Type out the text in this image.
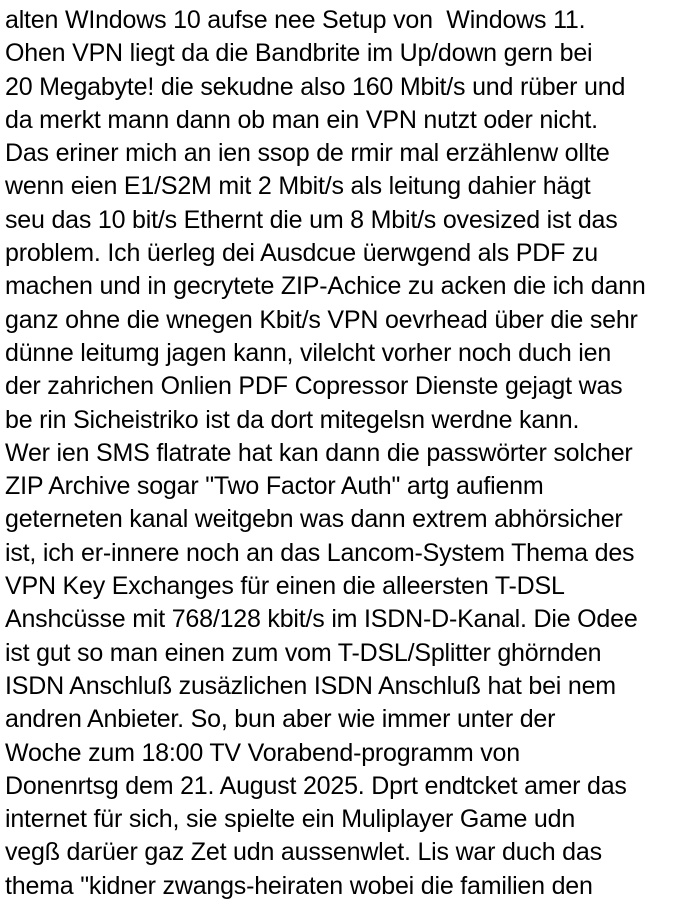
alten WIndows 10 aufse nee Setup von  Windows 11.
Ohen VPN liegt da die Bandbrite im Up/down gern bei
20 Megabyte! die sekudne also 160 Mbit/s und rüber und
da merkt mann dann ob man ein VPN nutzt oder nicht.
Das eriner mich an ien ssop de rmir mal erzählenw ollte
wenn eien E1/S2M mit 2 Mbit/s als leitung dahier hägt
seu das 10 bit/s Ethernt die um 8 Mbit/s ovesized ist das
problem. Ich üerleg dei Ausdcue üerwgend als PDF zu
machen und in gecrytete ZIP-Achice zu acken die ich dann
ganz ohne die wnegen Kbit/s VPN oevrhead über die sehr
dünne leitumg jagen kann, vilelcht vorher noch duch ien
der zahrichen Onlien PDF Copressor Dienste gejagt was
be rin Sicheistriko ist da dort mitegelsn werdne kann.
Wer ien SMS flatrate hat kan dann die passwörter solcher
ZIP Archive sogar "Two Factor Auth" artg aufienm
geterneten kanal weitgebn was dann extrem abhörsicher
ist, ich er-innere noch an das Lancom-System Thema des
VPN Key Exchanges für einen die alleersten T-DSL
Anshcüsse mit 768/128 kbit/s im ISDN-D-Kanal. Die Odee
ist gut so man einen zum vom T-DSL/Splitter ghörnden
ISDN Anschluß zusäzlichen ISDN Anschluß hat bei nem
andren Anbieter. So, bun aber wie immer unter der
Woche zum 18:00 TV Vorabend-programm von
Donenrtsg dem 21. August 2025. Dprt endtcket amer das
internet für sich, sie spielte ein Muliplayer Game udn
vegß darüer gaz Zet udn aussenwlet. Lis war duch das
thema "kidner zwangs-heiraten wobei die familien den
